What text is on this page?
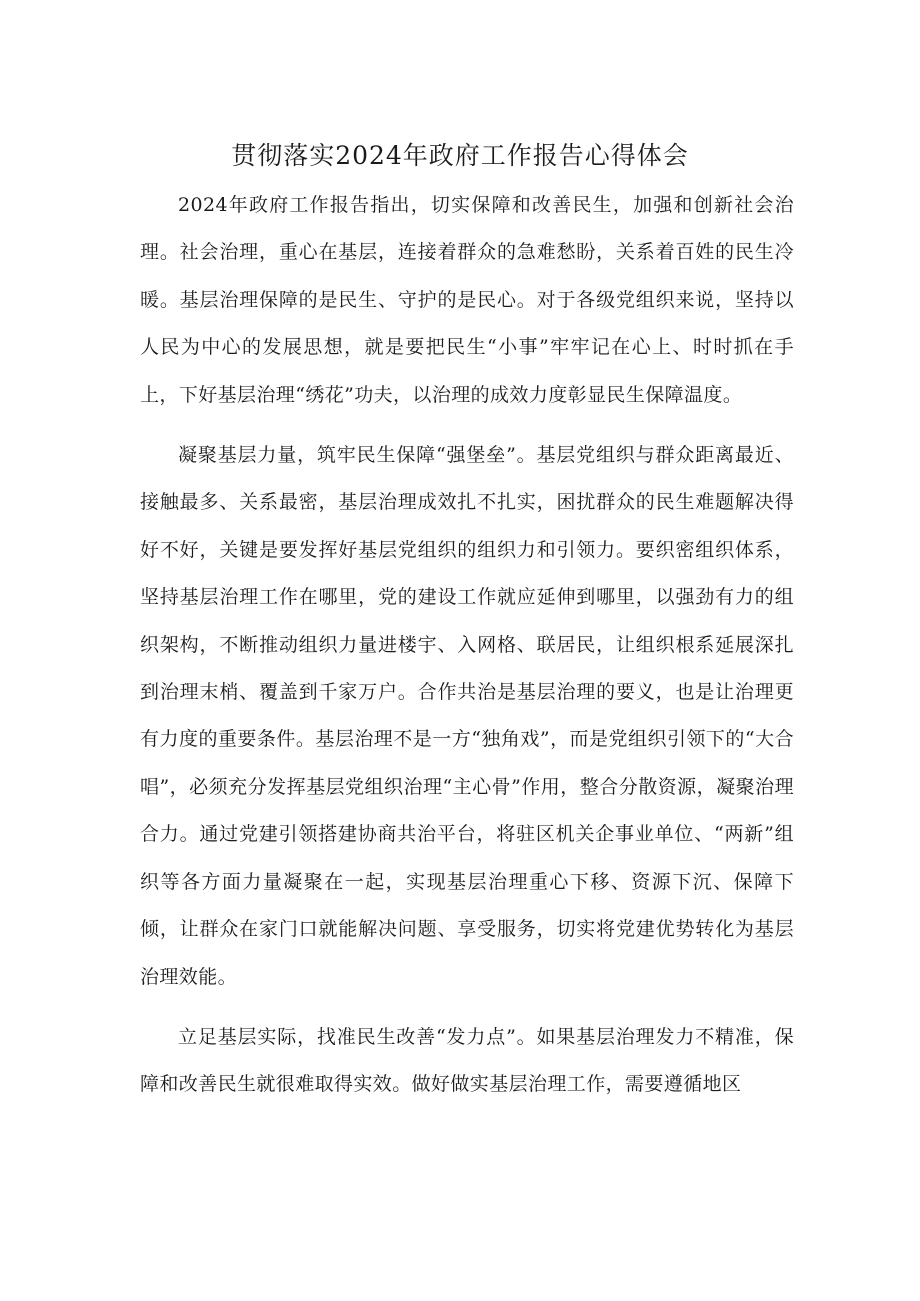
贯彻落实2024年政府工作报告心得体会

2024年政府工作报告指出，切实保障和改善民生，加强和创新社会治理。社会治理，重心在基层，连接着群众的急难愁盼，关系着百姓的民生冷暖。基层治理保障的是民生、守护的是民心。对于各级党组织来说，坚持以人民为中心的发展思想，就是要把民生“小事”牢牢记在心上、时时抓在手上，下好基层治理“绣花”功夫，以治理的成效力度彰显民生保障温度。

凝聚基层力量，筑牢民生保障“强堡垒”。基层党组织与群众距离最近、接触最多、关系最密，基层治理成效扎不扎实，困扰群众的民生难题解决得好不好，关键是要发挥好基层党组织的组织力和引领力。要织密组织体系，坚持基层治理工作在哪里，党的建设工作就应延伸到哪里，以强劲有力的组织架构，不断推动组织力量进楼宇、入网格、联居民，让组织根系延展深扎到治理末梢、覆盖到千家万户。合作共治是基层治理的要义，也是让治理更有力度的重要条件。基层治理不是一方“独角戏”，而是党组织引领下的“大合唱”，必须充分发挥基层党组织治理“主心骨”作用，整合分散资源，凝聚治理合力。通过党建引领搭建协商共治平台，将驻区机关企事业单位、“两新”组织等各方面力量凝聚在一起，实现基层治理重心下移、资源下沉、保障下倾，让群众在家门口就能解决问题、享受服务，切实将党建优势转化为基层治理效能。

立足基层实际，找准民生改善“发力点”。如果基层治理发力不精准，保障和改善民生就很难取得实效。做好做实基层治理工作，需要遵循地区
